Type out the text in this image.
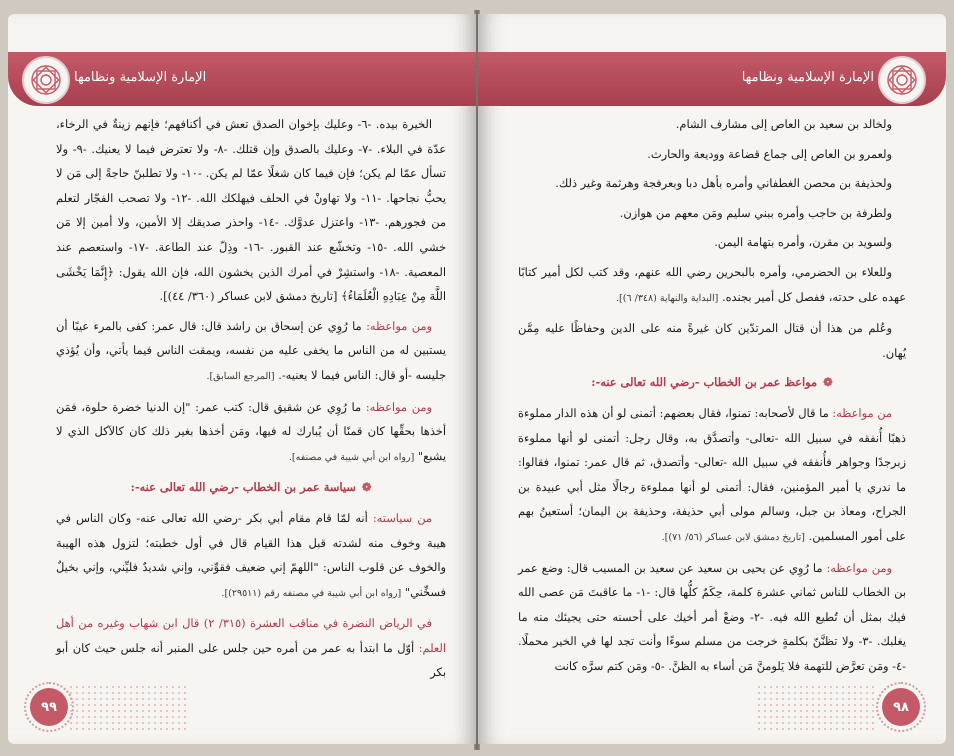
الإمارة الإسلامية ونظامها

الخيرة بيده. -٦- وعليك بإخوان الصدق تعش في أكنافهم؛ فإنهم زينةٌ في الرخاء، عدّة في البلاء. -٧- وعليك بالصدق وإن قتلك. -٨- ولا تعترض فيما لا يعنيك. -٩- ولا تسأل عمّا لم يكن؛ فإن فيما كان شغلًا عمّا لم يكن. -١٠- ولا تطلبنّ حاجةً إلى مَن لا يحبُّ نجاحها. -١١- ولا تهاونْ في الحلف فيهلكك الله. -١٢- ولا تصحب الفجّار لتعلم من فجورهم. -١٣- واعتزل عدوَّك. -١٤- واحذر صديقك إلا الأمين، ولا أمين إلا مَن خشي الله. -١٥- وتخشّع عند القبور. -١٦- وذِلّ عند الطاعة. -١٧- واستعصم عند المعصية. -١٨- واستشِرْ في أمرك الذين يخشون الله، فإن الله يقول: ﴿إِنَّمَا يَخْشَى اللَّهَ مِنْ عِبَادِهِ الْعُلَمَاءُ﴾ [تاريخ دمشق لابن عساكر (٣٦٠/ ٤٤)].

ومن مواعظه: ما رُوِي عن إسحاق بن راشد قال: قال عمر: كفى بالمرء عيبًا أن يستبين له من الناس ما يخفى عليه من نفسه، ويمقت الناس فيما يأتي، وأن يُؤذي جليسه -أو قال: الناس فيما لا يعنيه-. [المرجع السابق].

ومن مواعظه: ما رُوِي عن شقيق قال: كتب عمر: "إن الدنيا خضرة حلوة، فمَن أخذها بحقِّها كان قمنًا أن يُبارك له فيها، ومَن أخذها بغير ذلك كان كالآكل الذي لا يشبع" [رواه ابن أبي شيبة في مصنفه].

❁سياسة عمر بن الخطاب -رضي الله تعالى عنه-:

من سياسته: أنه لمّا قام مقام أبي بكر -رضي الله تعالى عنه- وكان الناس في هيبة وخوف منه لشدته قبل هذا القيام قال في أول خطبته؛ لتزول هذه الهيبة والخوف عن قلوب الناس: "اللهمّ إني ضعيف فقوِّني، وإني شديدٌ فليِّني، وإني بخيلٌ فسخِّني" [رواه ابن أبي شيبة في مصنفه رقم (٢٩٥١١)].

في الرياض النضرة في مناقب العشرة (٣١٥/ ٢) قال ابن شهاب وغيره من أهل العلم: أوّل ما ابتدأ به عمر من أمره حين جلس على المنبر أنه جلس حيث كان أبو بكر

٩٩
الإمارة الإسلامية ونظامها

ولخالد بن سعيد بن العاص إلى مشارف الشام.

ولعمرو بن العاص إلى جماع قضاعة ووديعة والحارث.

ولحذيفة بن محصن الغطفاني وأمره بأهل دبا وبعرفجة وهرثمة وغير ذلك.

ولطرفة بن حاجب وأمره ببني سليم ومَن معهم من هوازن.

ولسويد بن مقرن، وأمره بتهامة اليمن.

وللعلاء بن الحضرمي، وأمره بالبحرين رضي الله عنهم، وقد كتب لكل أمير كتابًا عهده على حدته، ففصل كل أمير بجنده. [البداية والنهاية (٣٤٨/ ٦)].

وعُلم من هذا أن قتال المرتدّين كان غيرةً منه على الدين وحفاظًا عليه مِمَّن يُهان.

❁مواعظ عمر بن الخطاب -رضي الله تعالى عنه-:

من مواعظه: ما قال لأصحابه: تمنوا، فقال بعضهم: أتمنى لو أن هذه الدار مملوءة ذهبًا أُنفقه في سبيل الله -تعالى- وأتصدَّق به، وقال رجل: أتمنى لو أنها مملوءة زبرجدًا وجواهر فأُنفقه في سبيل الله -تعالى- وأتصدق، ثم قال عمر: تمنوا، فقالوا: ما ندري يا أمير المؤمنين، فقال: أتمنى لو أنها مملوءة رجالًا مثل أبي عبيدة بن الجراح، ومعاذ بن جبل، وسالم مولى أبي حذيفة، وحذيفة بن اليمان؛ أستعينُ بهم على أمور المسلمين. [تاريخ دمشق لابن عساكر (٥٦/ ٧١)].

ومن مواعظه: ما رُوِي عن يحيى بن سعيد عن سعيد بن المسيب قال: وضع عمر بن الخطاب للناس ثماني عشرة كلمة، حِكَمٌ كلُّها قال: -١- ما عاقبتَ مَن عصى الله فيك بمثل أن تُطيع الله فيه. -٢- وضعْ أمر أخيك على أحسنه حتى يجيئك منه ما يغلبك. -٣- ولا تظنَّنّ بكلمةٍ خرجت من مسلم سوءًا وأنت تجد لها في الخير محملًا. -٤- ومَن تعرَّض للتهمة فلا يَلومنَّ مَن أساء به الظنَّ. -٥- ومَن كتم سرَّه كانت

٩٨
